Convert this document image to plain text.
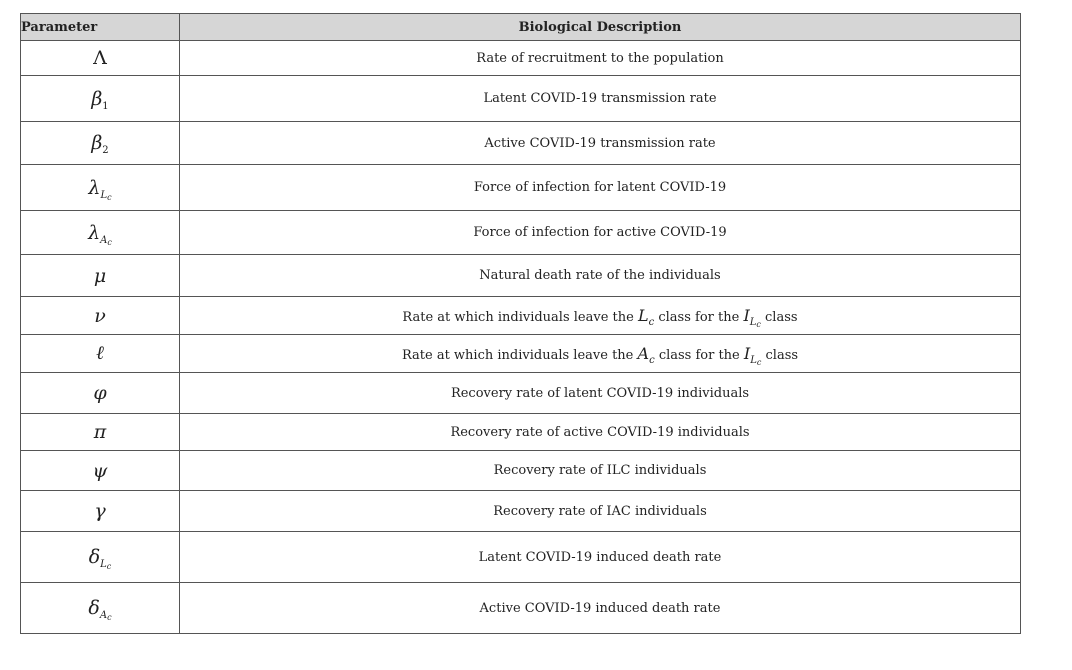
Parameter	Biological Description
Λ	Rate of recruitment to the population
$\beta_1$	Latent COVID-19 transmission rate
$\beta_2$	Active COVID-19 transmission rate
$\lambda_{L_c}$	Force of infection for latent COVID-19
$\lambda_{A_c}$	Force of infection for active COVID-19
μ	Natural death rate of the individuals
ν	Rate at which individuals leave the $L_c$ class for the $I_{L_c}$ class
ℓ	Rate at which individuals leave the $A_c$ class for the $I_{L_c}$ class
φ	Recovery rate of latent COVID-19 individuals
π	Recovery rate of active COVID-19 individuals
ψ	Recovery rate of ILC individuals
γ	Recovery rate of IAC individuals
$\delta_{L_c}$	Latent COVID-19 induced death rate
$\delta_{A_c}$	Active COVID-19 induced death rate
